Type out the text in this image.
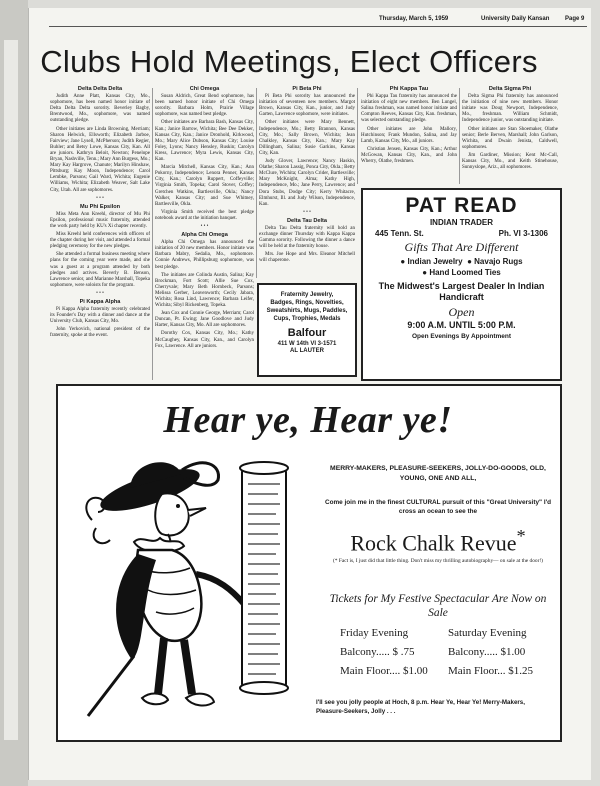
Thursday, March 5, 1959	University Daily Kansan	Page 9
Clubs Hold Meetings, Elect Officers
Delta Delta Delta

Judith Anne Platt, Kansas City, Mo., sophomore, has been named honor initiate of Delta Delta Delta sorority. Beverley Bagby, Brentwood, Mo., sophomore, was named outstanding pledge.

Other initiates are Linda Browning, Merriam; Sharon Helwick, Ellsworth; Elizabeth Jarboe, Fairview; Jane Lysell, McPherson; Judith Regier, Buhler; and Betsy Lowe, Kansas City, Kan. All are juniors. Kathryn Beloit, Newton; Penelope Bryan, Nashville, Tenn.; Mary Ann Burgess, Mo.; Mary Kay Hargrove, Chanute; Marilyn Hinshaw, Pittsburg; Kay Moon, Independence; Carol Lembke, Parsons; Gail Ward, Wichita; Eugenie Williams, Wichita; Elizabeth Weaver, Salt Lake City, Utah. All are sophomores.

• • •
Mu Phi Epsilon

Miss Meta Ann Kreehl, director of Mu Phi Epsilon, professional music fraternity, attended the work party held by KU's Xi chapter recently.

Miss Kreehl held conferences with officers of the chapter during her visit, and attended a formal pledging ceremony for the new pledges.

She attended a formal business meeting where plans for the coming year were made, and she was a guest at a program attended by both pledges and actives. Beverly B. Benson, Lawrence senior, and Marianne Marshall, Topeka sophomore, were soloists for the program.

• • •
Pi Kappa Alpha

Pi Kappa Alpha fraternity recently celebrated its Founder's Day with a dinner and dance at the University Club, Kansas City, Mo.

John Yerkovich, national president of the fraternity, spoke at the event.

Chi Omega

Susan Aldrich, Great Bend sophomore, has been named honor initiate of Chi Omega sorority. Barbara Holm, Prairie Village sophomore, was named best pledge.

Other initiates are Barbara Bash, Kansas City, Kan.; Janice Barrow, Wichita; Bee Dee Dekker, Kansas City, Kan.; Janice Dronhold, Kirkwood, Mo.; Mary Alice Dubson, Kansas City; Louise Foley, Lyons; Nancy Hensley, Ruskin; Carolyn Kress, Lawrence; Myra Lewis, Kansas City, Kan.

Marcia Mitchell, Kansas City, Kan.; Ann Pokorny, Independence; Lenora Penner, Kansas City, Kan.; Carolyn Ruppert, Coffeyville; Virginia Smith, Topeka; Carol Stover, Coffey; Gretchen Watkins, Bartlesville, Okla.; Nancy Walker, Kansas City; and Sue Whitney, Bartlesville, Okla.

Virginia Smith received the best pledge notebook award at the initiation banquet.

• • •
Alpha Chi Omega

Alpha Chi Omega has announced the initiation of 20 new members. Honor initiate was Barbara Mabry, Sedalia, Mo., sophomore. Connie Andrews, Phillipsburg sophomore, was best pledge.

The initiates are Colinda Austin, Salina; Kay Brockman, Fort Scott; Allie Sue Cox, Cherryvale; Mary Beth Hornbeck, Parsons; Melissa Gerber, Leavenworth; Cecily Jabara, Wichita; Rosa Lind, Lawrence; Barbara Leifer, Wichita; Sibyl Rickenberg, Topeka.

Jean Cox and Connie George, Merriam; Carol Duncan, Pt. Ewing; Jane Goodlove and Judy Harter, Kansas City, Mo. All are sophomores.

Dorothy Cox, Kansas City, Mo.; Kathy McCaughey, Kansas City, Kan., and Carolyn Fox, Lawrence. All are juniors.

Pi Beta Phi

Pi Beta Phi sorority has announced the initiation of seventeen new members. Margot Brown, Kansas City, Kan., junior, and Judy Garten, Lawrence sophomore, were initiates.

Other initiates were Mary Bennett, Independence, Mo.; Betty Brannon, Kansas City, Mo.; Sally Brown, Wichita; Jean Chalkley, Kansas City, Kan.; Mary Kay Dillingham, Salina; Susie Garkins, Kansas City, Kan.

Judy Glover, Lawrence; Nancy Haskin, Olathe; Sharon Lassig, Ponca City, Okla.; Betty McClure, Wichita; Carolyn Crider, Bartlesville; Mary McKnight, Alma; Kathy High, Independence, Mo.; Jane Perry, Lawrence; and Dora Stubs, Dodge City; Kerry Whitacre, Elmhurst, Ill. and Judy Wilson, Independence, Kan.

• • •
Delta Tau Delta

Delta Tau Delta fraternity will hold an exchange dinner Thursday with Kappa Kappa Gamma sorority. Following the dinner a dance will be held at the fraternity house.

Mrs. Joe Hope and Mrs. Eleanor Mitchell will chaperone.

Phi Kappa Tau

Phi Kappa Tau fraternity has announced the initiation of eight new members. Ben Lungel, Salina freshman, was named honor initiate and Compton Reeves, Kansas City, Kan. freshman, was selected outstanding pledge.

Other initiates are John Mallory, Hutchinson; Frank Mundon, Salina, and Jay Lamb, Kansas City, Mo., all juniors.

Christian Jensen, Kansas City, Kan.; Arthur McGowan, Kansas City, Kan., and John Wherry, Olathe, freshmen.

Delta Sigma Phi

Delta Sigma Phi fraternity has announced the initiation of nine new members. Honor initiate was Doug Newport, Independence, Mo., freshman. William Schmidt, Independence junior, was outstanding initiate.

Other initiates are Stan Shoemaker, Olathe senior; Berle Berven, Marshall; John Garlson, Wichita, and Dwain Jenista, Caldwell, sophomores.

Jim Gardiner, Mission; Kent Mc-Call, Kansas City, Mo., and Keith Stinehouse, Sunnyslope, Ariz., all sophomores.

Fraternity Jewelry,
Badges, Rings, Novelties,
Sweatshirts, Mugs, Paddles,
Cups, Trophies, Medals
Balfour
411 W 14th VI 3-1571
AL LAUTER
PAT READ
INDIAN TRADER
445 Tenn. St.	Ph. VI 3-1306
Gifts That Are Different
● Indian Jewelry ● Navajo Rugs
● Hand Loomed Ties
The Midwest's Largest Dealer In Indian Handicraft
Open
9:00 A.M. UNTIL 5:00 P.M.
Open Evenings By Appointment
Hear ye, Hear ye!
MERRY-MAKERS, PLEASURE-SEEKERS, JOLLY-DO-GOODS, OLD, YOUNG, ONE AND ALL,
Come join me in the finest CULTURAL pursuit of this "Great University" I'd cross an ocean to see the
Rock Chalk Revue*
(* Fact is, I just did that little thing. Don't miss my thrilling autobiography— on sale at the door!)
Tickets for My Festive Spectacular Are Now on Sale
Friday Evening
Balcony..... $ .75
Main Floor.... $1.00
Saturday Evening
Balcony..... $1.00
Main Floor... $1.25
I'll see you jolly people at Hoch, 8 p.m. Hear Ye, Hear Ye! Merry-Makers, Pleasure-Seekers, Jolly . . .
